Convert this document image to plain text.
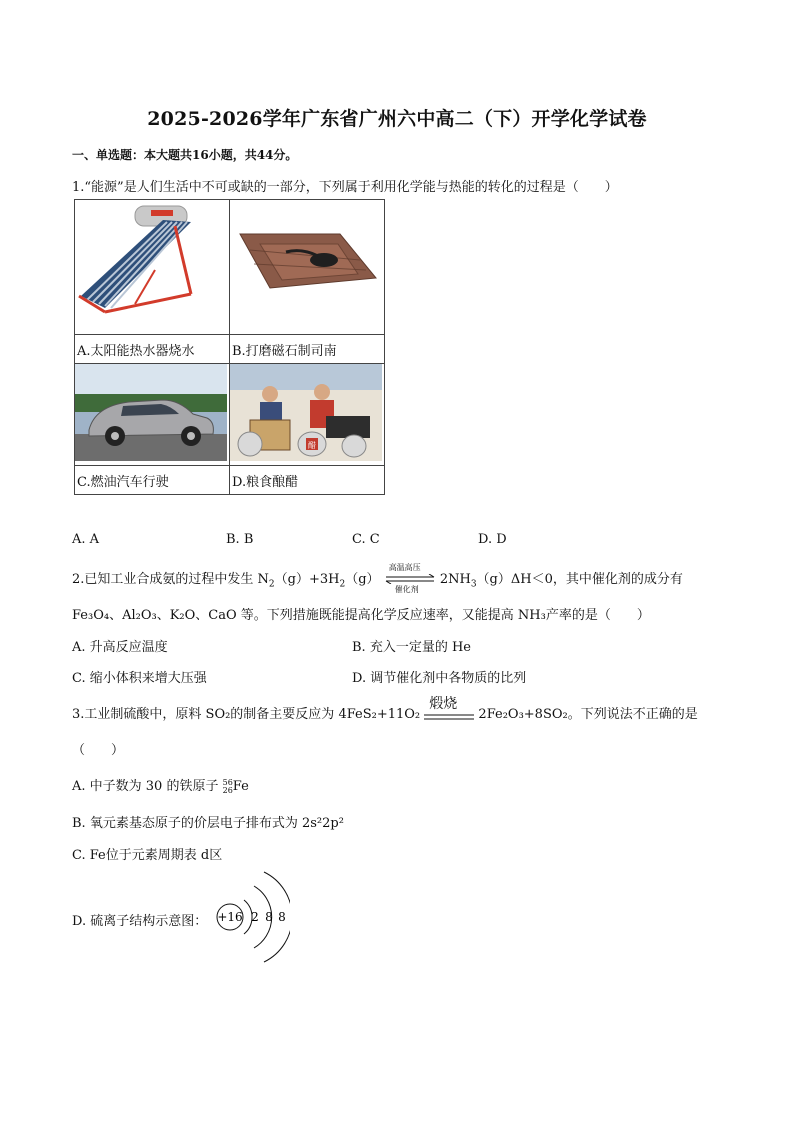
2025-2026学年广东省广州六中高二（下）开学化学试卷
一、单选题：本大题共16小题，共44分。
1.“能源”是人们生活中不可或缺的一部分，下列属于利用化学能与热能的转化的过程是（　　）

A.太阳能热水器烧水	B.打磨磁石制司南

醋

C.燃油汽车行驶	D.粮食酿醋
A. A	B. B	C. C	D. D
2.已知工业合成氨的过程中发生 $N_2(g)+3H_2(g)$
高温高压
催化剂
$2NH_3(g)\Delta H<0$，其中催化剂的成分有
Fe₃O₄、Al₂O₃、K₂O、CaO 等。下列措施既能提高化学反应速率，又能提高 NH₃产率的是（　　）
A. 升高反应温度	B. 充入一定量的 He
C. 缩小体积来增大压强	D. 调节催化剂中各物质的比列
3.工业制硫酸中，原料 SO₂的制备主要反应为 4FeS₂+11O₂
煅烧
2Fe₂O₃+8SO₂。下列说法不正确的是
（　　）
A. 中子数为 30 的铁原子 56
26Fe
B. 氧元素基态原子的价层电子排布式为 2s²2p²
C. Fe位于元素周期表 d区
D. 硫离子结构示意图： +16 2 8 8
